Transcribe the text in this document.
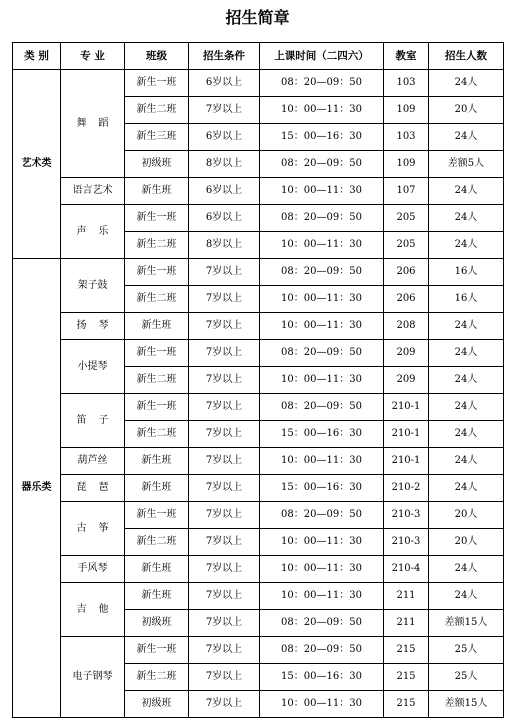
招生简章
类 别	专 业	班级	招生条件	上课时间（二四六）	教室	招生人数
艺术类	舞蹈	新生一班	6岁以上	08：20—09：50	103	24人
		新生二班	7岁以上	10：00—11：30	109	20人
		新生三班	6岁以上	15：00—16：30	103	24人
		初级班	8岁以上	08：20—09：50	109	差额5人
	语言艺术	新生班	6岁以上	10：00—11：30	107	24人
	声乐	新生一班	6岁以上	08：20—09：50	205	24人
		新生二班	8岁以上	10：00—11：30	205	24人
器乐类	架子鼓	新生一班	7岁以上	08：20—09：50	206	16人
		新生二班	7岁以上	10：00—11：30	206	16人
	扬琴	新生班	7岁以上	10：00—11：30	208	24人
	小提琴	新生一班	7岁以上	08：20—09：50	209	24人
		新生二班	7岁以上	10：00—11：30	209	24人
	笛子	新生一班	7岁以上	08：20—09：50	210-1	24人
		新生二班	7岁以上	15：00—16：30	210-1	24人
	葫芦丝	新生班	7岁以上	10：00—11：30	210-1	24人
	琵琶	新生班	7岁以上	15：00—16：30	210-2	24人
	古筝	新生一班	7岁以上	08：20—09：50	210-3	20人
		新生二班	7岁以上	10：00—11：30	210-3	20人
	手风琴	新生班	7岁以上	10：00—11：30	210-4	24人
	吉他	新生班	7岁以上	10：00—11：30	211	24人
		初级班	7岁以上	08：20—09：50	211	差额15人
	电子钢琴	新生一班	7岁以上	08：20—09：50	215	25人
		新生二班	7岁以上	15：00—16：30	215	25人
		初级班	7岁以上	10：00—11：30	215	差额15人
